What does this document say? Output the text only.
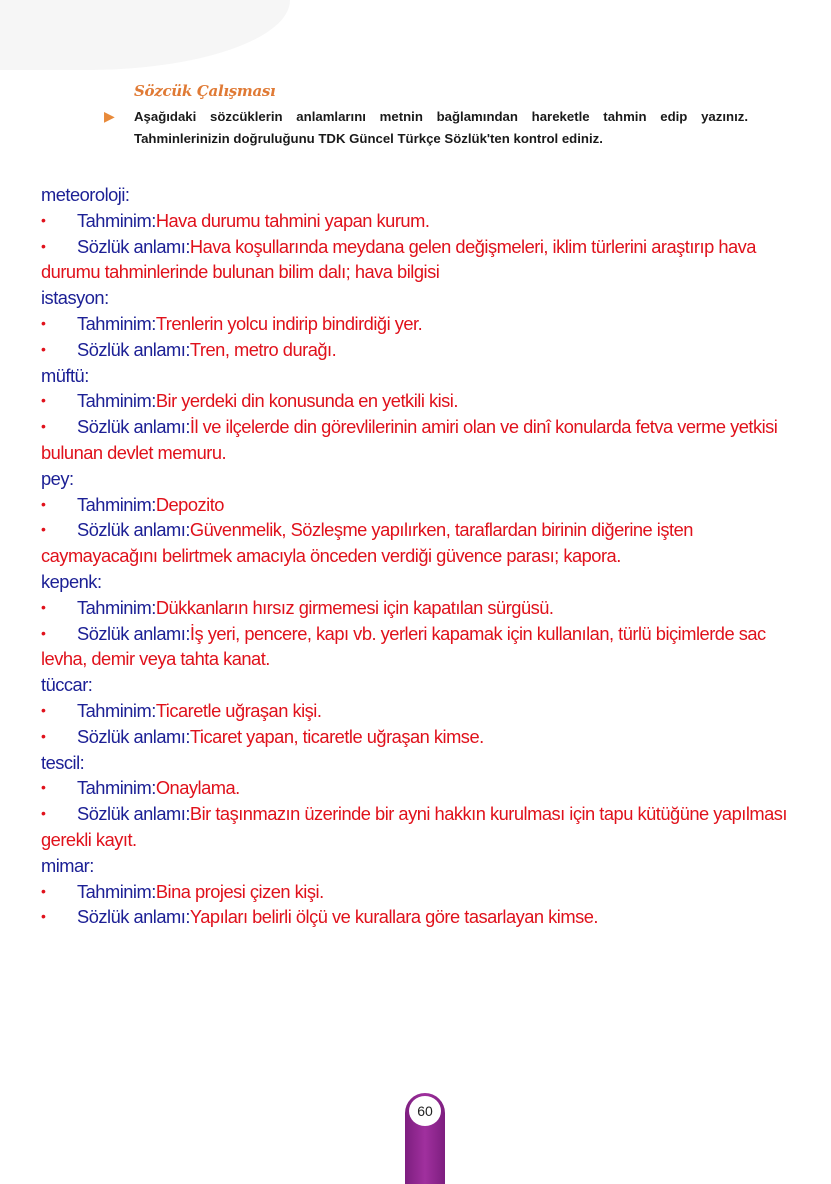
Sözcük Çalışması
▶ Aşağıdaki sözcüklerin anlamlarını metnin bağlamından hareketle tahmin edip yazınız. Tahminlerinizin doğruluğunu TDK Güncel Türkçe Sözlük'ten kontrol ediniz.
meteoroloji:
• Tahminim:Hava durumu tahmini yapan kurum.
• Sözlük anlamı:Hava koşullarında meydana gelen değişmeleri, iklim türlerini araştırıp hava durumu tahminlerinde bulunan bilim dalı; hava bilgisi
istasyon:
• Tahminim:Trenlerin yolcu indirip bindirdiği yer.
• Sözlük anlamı:Tren, metro durağı.
müftü:
• Tahminim:Bir yerdeki din konusunda en yetkili kisi.
• Sözlük anlamı:İl ve ilçelerde din görevlilerinin amiri olan ve dinî konularda fetva verme yetkisi bulunan devlet memuru.
pey:
• Tahminim:Depozito
• Sözlük anlamı:Güvenmelik, Sözleşme yapılırken, taraflardan birinin diğerine işten caymayacağını belirtmek amacıyla önceden verdiği güvence parası; kapora.
kepenk:
• Tahminim:Dükkanların hırsız girmemesi için kapatılan sürgüsü.
• Sözlük anlamı:İş yeri, pencere, kapı vb. yerleri kapamak için kullanılan, türlü biçimlerde sac levha, demir veya tahta kanat.
tüccar:
• Tahminim:Ticaretle uğraşan kişi.
• Sözlük anlamı:Ticaret yapan, ticaretle uğraşan kimse.
tescil:
• Tahminim:Onaylama.
• Sözlük anlamı:Bir taşınmazın üzerinde bir ayni hakkın kurulması için tapu kütüğüne yapılması gerekli kayıt.
mimar:
• Tahminim:Bina projesi çizen kişi.
• Sözlük anlamı:Yapıları belirli ölçü ve kurallara göre tasarlayan kimse.
60
